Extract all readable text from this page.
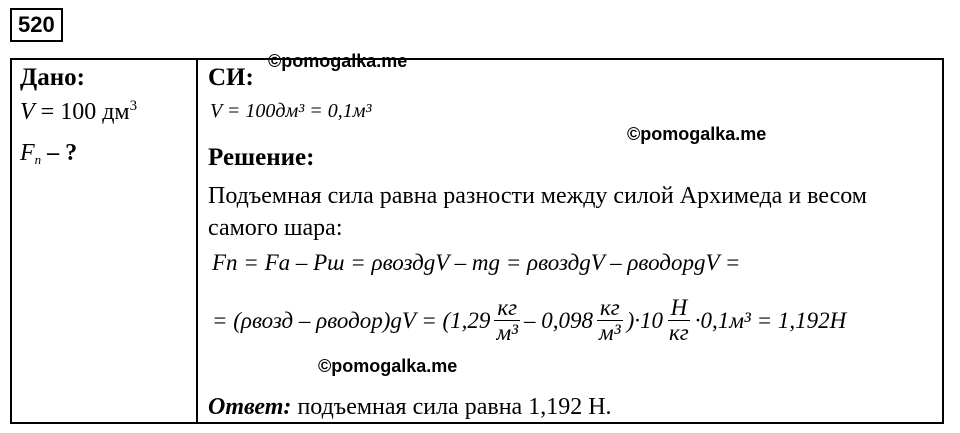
520
Дано:
V = 100 $дм^3$
$F_п$ – ?
СИ:
V = 100дм³ = 0,1м³
Решение:
Подъемная сила равна разности между силой Архимеда и весом самого шара:
Fп = Fа – Pш = ρвоздgV – mg = ρвоздgV – ρводорgV =
= (ρвозд – ρводор)gV = $(1,29 \frac{кг}{\text{м³}} - 0,098 \frac{кг}{\text{м³}} )\cdot 10 \frac{Н}{кг} \cdot 0,1м^3 = 1,192Н$
Ответ: подъемная сила равна 1,192 Н.
©pomogalka.me
©pomogalka.me
©pomogalka.me
